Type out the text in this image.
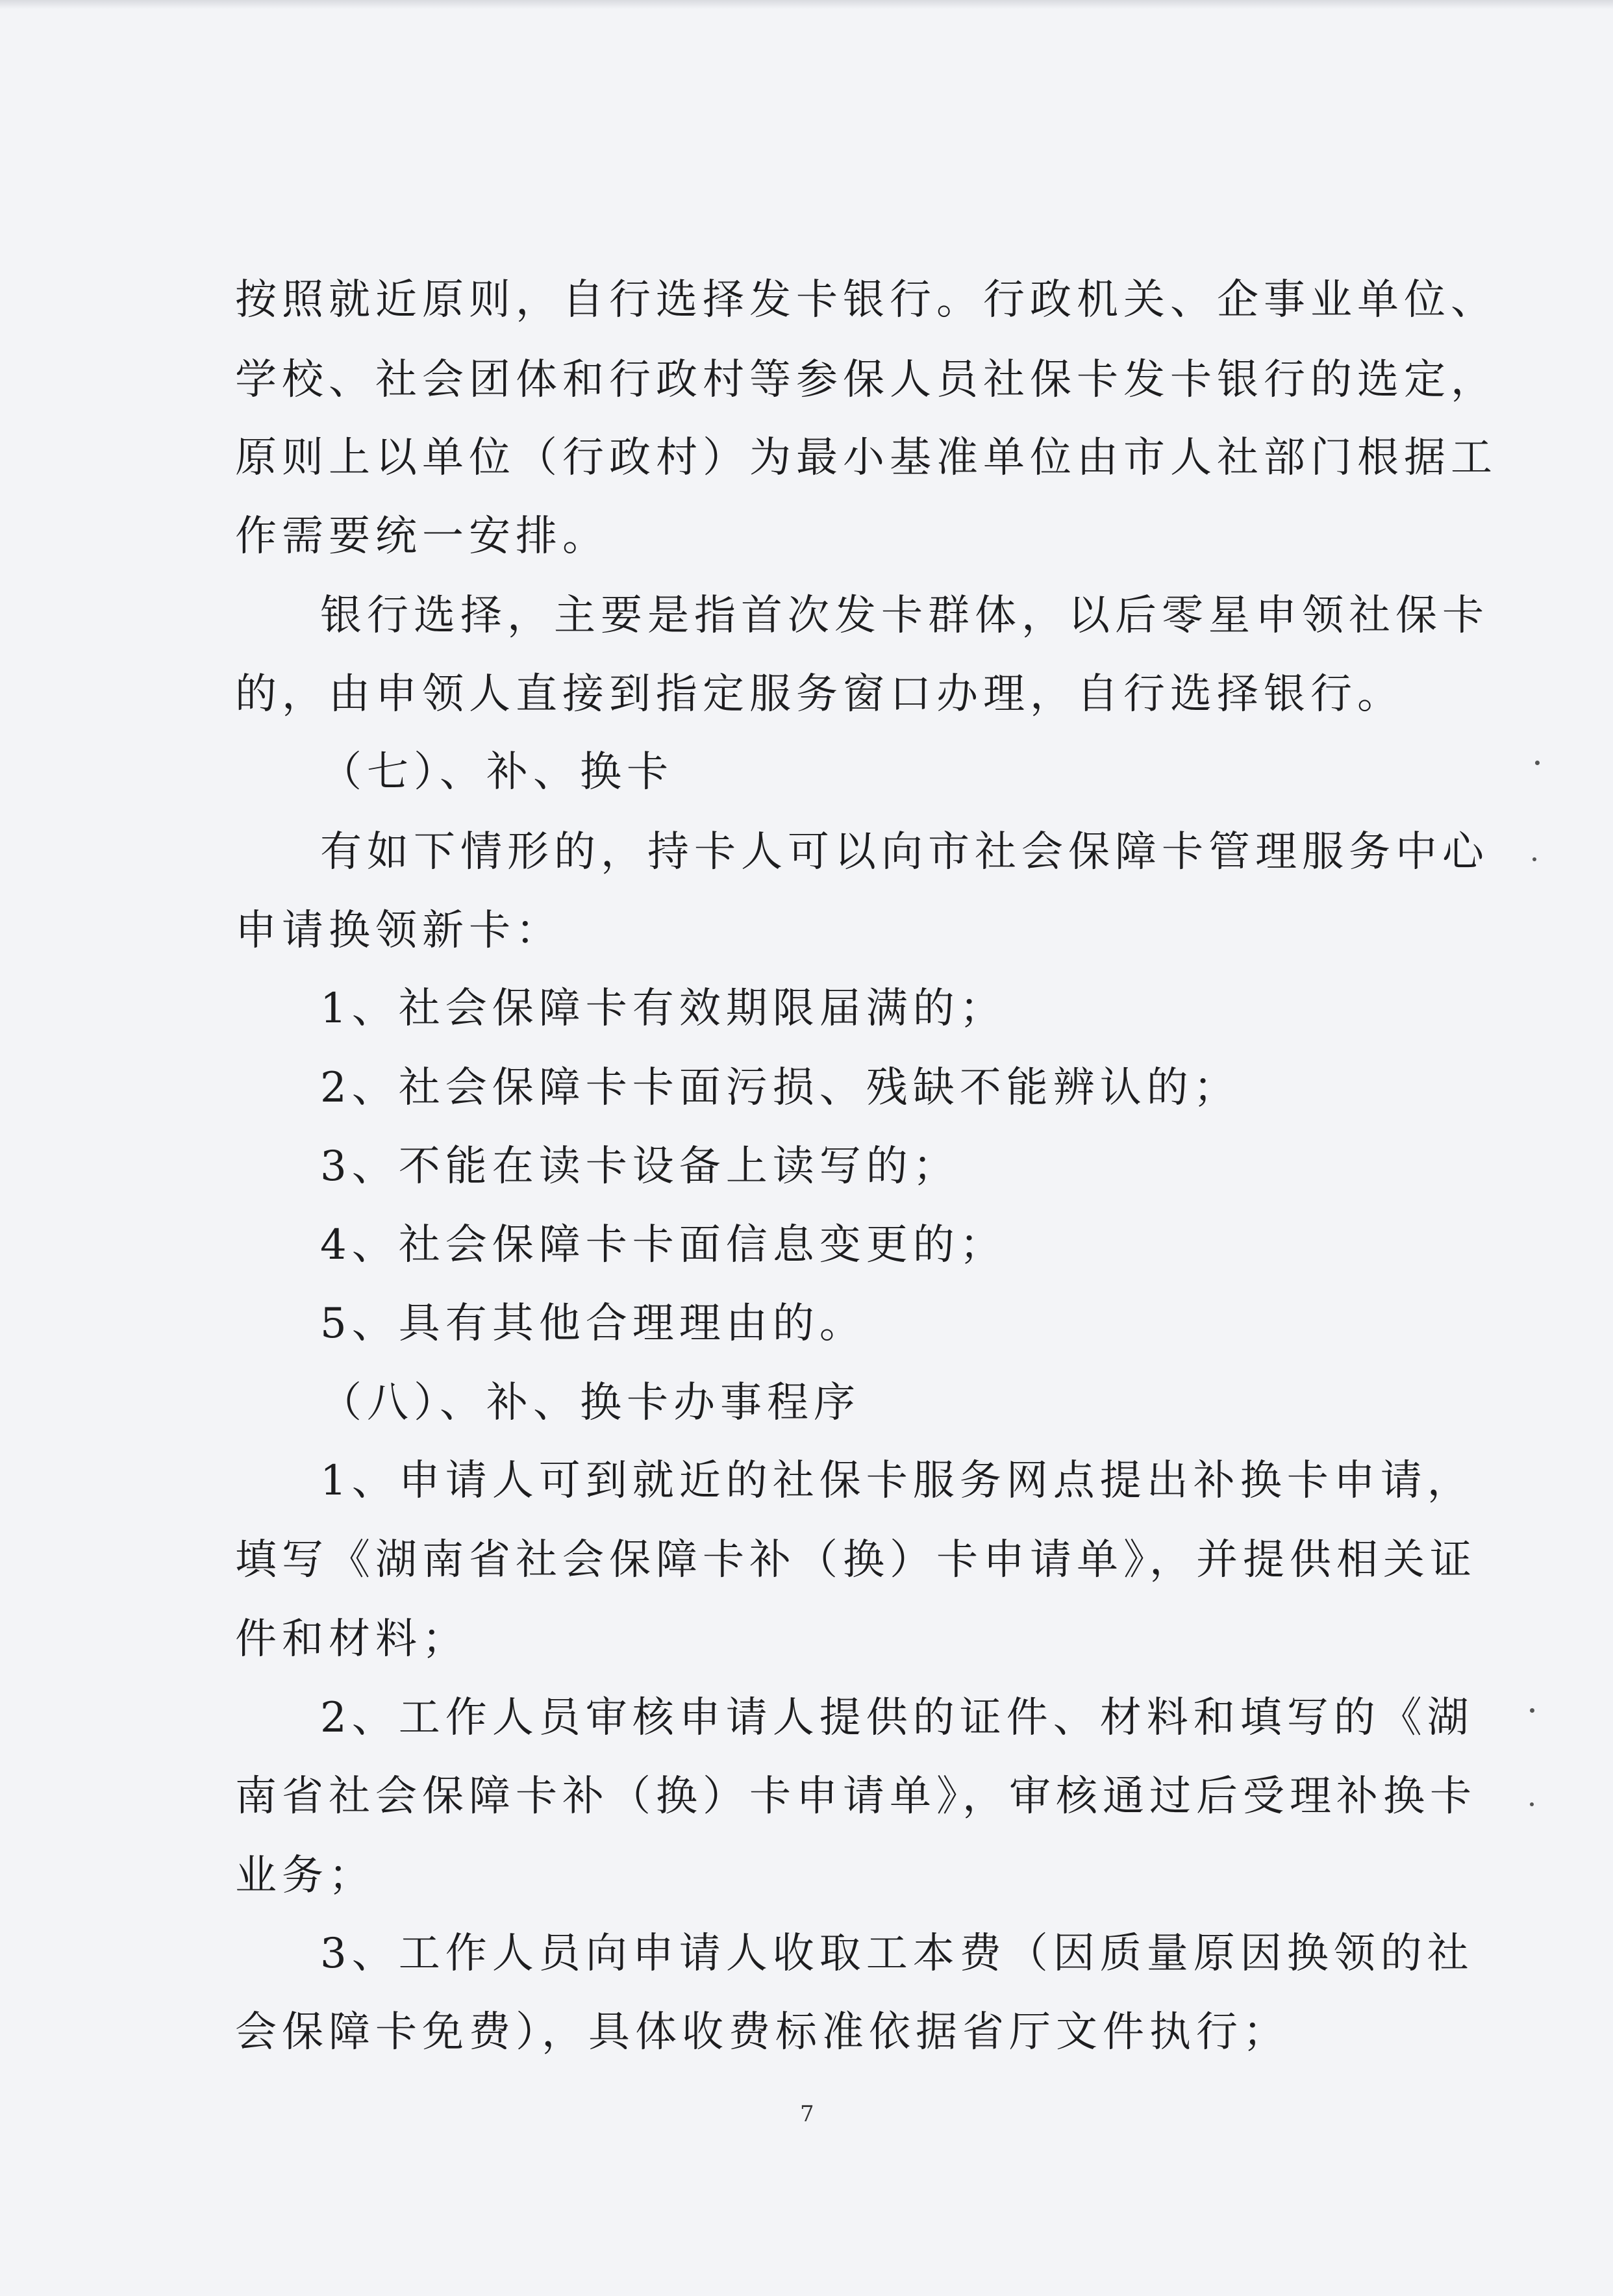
按照就近原则，自行选择发卡银行。行政机关、企事业单位、
学校、社会团体和行政村等参保人员社保卡发卡银行的选定，
原则上以单位（行政村）为最小基准单位由市人社部门根据工
作需要统一安排。
银行选择，主要是指首次发卡群体，以后零星申领社保卡
的，由申领人直接到指定服务窗口办理，自行选择银行。
（七）、补、换卡
有如下情形的，持卡人可以向市社会保障卡管理服务中心
申请换领新卡：
1、社会保障卡有效期限届满的；
2、社会保障卡卡面污损、残缺不能辨认的；
3、不能在读卡设备上读写的；
4、社会保障卡卡面信息变更的；
5、具有其他合理理由的。
（八）、补、换卡办事程序
1、申请人可到就近的社保卡服务网点提出补换卡申请，
填写《湖南省社会保障卡补（换）卡申请单》，并提供相关证
件和材料；
2、工作人员审核申请人提供的证件、材料和填写的《湖
南省社会保障卡补（换）卡申请单》，审核通过后受理补换卡
业务；
3、工作人员向申请人收取工本费（因质量原因换领的社
会保障卡免费），具体收费标准依据省厅文件执行；
7
